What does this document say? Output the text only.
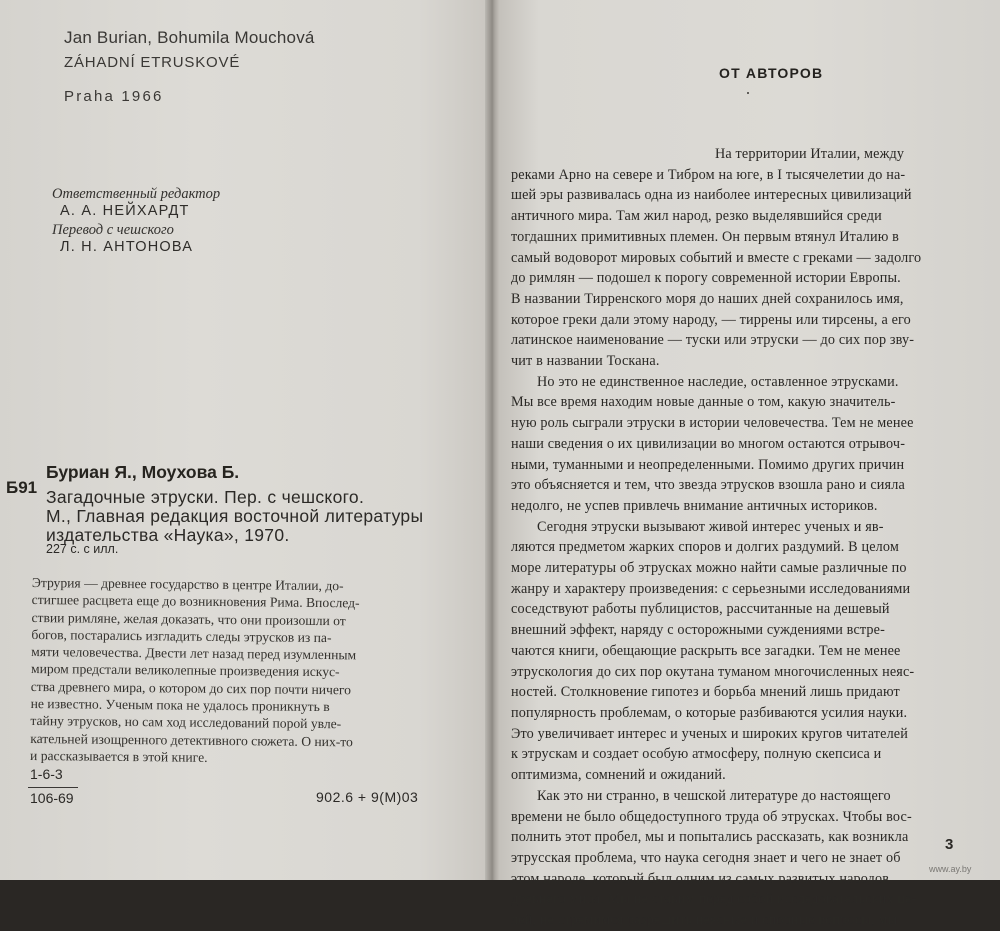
Jan Burian, Bohumila Mouchová
ZÁHADNÍ ETRUSKOVÉ
Praha 1966
Ответственный редактор
А. А. НЕЙХАРДТ
Перевод с чешского
Л. Н. АНТОНОВА
Буриан Я., Моухова Б.
Б91 Загадочные этруски. Пер. с чешского.
М., Главная редакция восточной литературы
издательства «Наука», 1970.
227 с. с илл.
Этрурия — древнее государство в центре Италии, до-
стигшее расцвета еще до возникновения Рима. Впослед-
ствии римляне, желая доказать, что они произошли от
богов, постарались изгладить следы этрусков из па-
мяти человечества. Двести лет назад перед изумленным
миром предстали великолепные произведения искус-
ства древнего мира, о котором до сих пор почти ничего
не известно. Ученым пока не удалось проникнуть в
тайну этрусков, но сам ход исследований порой увле-
кательней изощренного детективного сюжета. О них-то
и рассказывается в этой книге.
1-6-3
106-69	902.6 + 9(М)03
ОТ АВТОРОВ
На территории Италии, между
реками Арно на севере и Тибром на юге, в I тысячелетии до на-
шей эры развивалась одна из наиболее интересных цивилизаций
античного мира. Там жил народ, резко выделявшийся среди
тогдашних примитивных племен. Он первым втянул Италию в
самый водоворот мировых событий и вместе с греками — задолго
до римлян — подошел к порогу современной истории Европы.
В названии Тирренского моря до наших дней сохранилось имя,
которое греки дали этому народу, — тиррены или тирсены, а его
латинское наименование — туски или этруски — до сих пор зву-
чит в названии Тоскана.
Но это не единственное наследие, оставленное этрусками.
Мы все время находим новые данные о том, какую значитель-
ную роль сыграли этруски в истории человечества. Тем не менее
наши сведения о их цивилизации во многом остаются отрывоч-
ными, туманными и неопределенными. Помимо других причин
это объясняется и тем, что звезда этрусков взошла рано и сияла
недолго, не успев привлечь внимание античных историков.
Сегодня этруски вызывают живой интерес ученых и яв-
ляются предметом жарких споров и долгих раздумий. В целом
море литературы об этрусках можно найти самые различные по
жанру и характеру произведения: с серьезными исследованиями
соседствуют работы публицистов, рассчитанные на дешевый
внешний эффект, наряду с осторожными суждениями встре-
чаются книги, обещающие раскрыть все загадки. Тем не менее
этрускология до сих пор окутана туманом многочисленных неяс-
ностей. Столкновение гипотез и борьба мнений лишь придают
популярность проблемам, о которые разбиваются усилия науки.
Это увеличивает интерес и ученых и широких кругов читателей
к этрускам и создает особую атмосферу, полную скепсиса и
оптимизма, сомнений и ожиданий.
Как это ни странно, в чешской литературе до настоящего
времени не было общедоступного труда об этрусках. Чтобы вос-
полнить этот пробел, мы и попытались рассказать, как возникла
этрусская проблема, что наука сегодня знает и чего не знает об
этом народе, который был одним из самых развитых народов
древнего мира. Мы не ставим перед собой исследовательских це-
лей, не стремимся разрешить неясные и спорные вопросы, мы
3
www.ay.by
